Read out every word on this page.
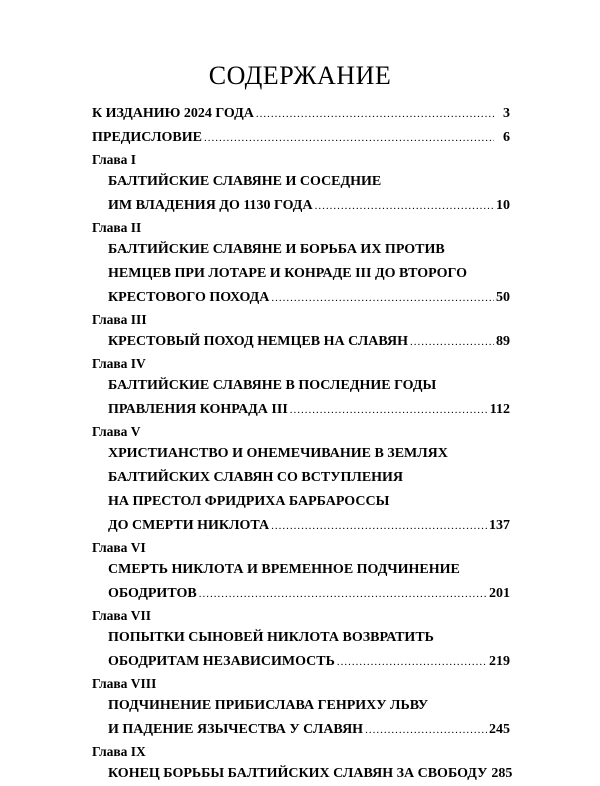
СОДЕРЖАНИЕ
К ИЗДАНИЮ 2024 ГОДА .....	3
ПРЕДИСЛОВИЕ .....	6
Глава I
БАЛТИЙСКИЕ СЛАВЯНЕ И СОСЕДНИЕ
ИМ ВЛАДЕНИЯ ДО 1130 ГОДА .....	10
Глава II
БАЛТИЙСКИЕ СЛАВЯНЕ И БОРЬБА ИХ ПРОТИВ
НЕМЦЕВ ПРИ ЛОТАРЕ И КОНРАДЕ III ДО ВТОРОГО
КРЕСТОВОГО ПОХОДА .....	50
Глава III
КРЕСТОВЫЙ ПОХОД НЕМЦЕВ НА СЛАВЯН .....	89
Глава IV
БАЛТИЙСКИЕ СЛАВЯНЕ В ПОСЛЕДНИЕ ГОДЫ
ПРАВЛЕНИЯ КОНРАДА III .....	112
Глава V
ХРИСТИАНСТВО И ОНЕМЕЧИВАНИЕ В ЗЕМЛЯХ
БАЛТИЙСКИХ СЛАВЯН СО ВСТУПЛЕНИЯ
НА ПРЕСТОЛ ФРИДРИХА БАРБАРОССЫ
ДО СМЕРТИ НИКЛОТА .....	137
Глава VI
СМЕРТЬ НИКЛОТА И ВРЕМЕННОЕ ПОДЧИНЕНИЕ
ОБОДРИТОВ .....	201
Глава VII
ПОПЫТКИ СЫНОВЕЙ НИКЛОТА ВОЗВРАТИТЬ
ОБОДРИТАМ НЕЗАВИСИМОСТЬ .....	219
Глава VIII
ПОДЧИНЕНИЕ ПРИБИСЛАВА ГЕНРИХУ ЛЬВУ
И ПАДЕНИЕ ЯЗЫЧЕСТВА У СЛАВЯН .....	245
Глава IX
КОНЕЦ БОРЬБЫ БАЛТИЙСКИХ СЛАВЯН ЗА СВОБОДУ 285
